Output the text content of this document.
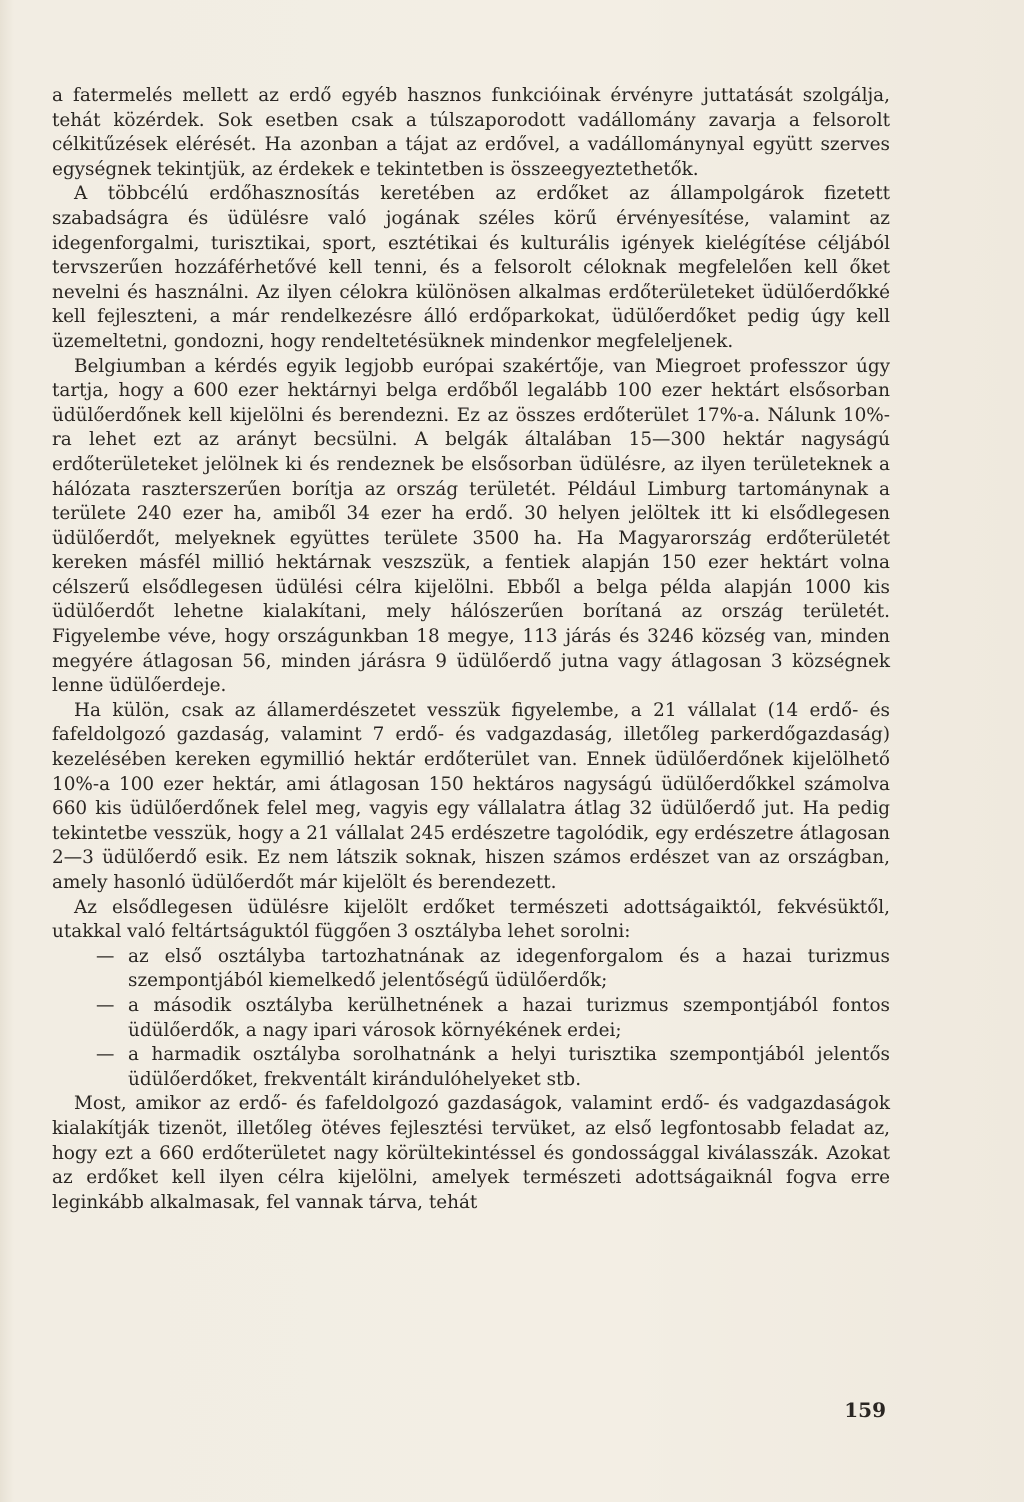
a fatermelés mellett az erdő egyéb hasznos funkcióinak érvényre juttatását szolgálja, tehát közérdek. Sok esetben csak a túlszaporodott vadállomány zavarja a felsorolt célkitűzések elérését. Ha azonban a tájat az erdővel, a vadállománynyal együtt szerves egységnek tekintjük, az érdekek e tekintetben is összeegyeztethetők.

A többcélú erdőhasznosítás keretében az erdőket az állampolgárok fizetett szabadságra és üdülésre való jogának széles körű érvényesítése, valamint az idegenforgalmi, turisztikai, sport, esztétikai és kulturális igények kielégítése céljából tervszerűen hozzáférhetővé kell tenni, és a felsorolt céloknak megfelelően kell őket nevelni és használni. Az ilyen célokra különösen alkalmas erdőterületeket üdülőerdőkké kell fejleszteni, a már rendelkezésre álló erdőparkokat, üdülőerdőket pedig úgy kell üzemeltetni, gondozni, hogy rendeltetésüknek mindenkor megfeleljenek.

Belgiumban a kérdés egyik legjobb európai szakértője, van Miegroet professzor úgy tartja, hogy a 600 ezer hektárnyi belga erdőből legalább 100 ezer hektárt elsősorban üdülőerdőnek kell kijelölni és berendezni. Ez az összes erdőterület 17%-a. Nálunk 10%-ra lehet ezt az arányt becsülni. A belgák általában 15—300 hektár nagyságú erdőterületeket jelölnek ki és rendeznek be elsősorban üdülésre, az ilyen területeknek a hálózata raszterszerűen borítja az ország területét. Például Limburg tartománynak a területe 240 ezer ha, amiből 34 ezer ha erdő. 30 helyen jelöltek itt ki elsődlegesen üdülőerdőt, melyeknek együttes területe 3500 ha. Ha Magyarország erdőterületét kereken másfél millió hektárnak veszszük, a fentiek alapján 150 ezer hektárt volna célszerű elsődlegesen üdülési célra kijelölni. Ebből a belga példa alapján 1000 kis üdülőerdőt lehetne kialakítani, mely hálószerűen borítaná az ország területét. Figyelembe véve, hogy országunkban 18 megye, 113 járás és 3246 község van, minden megyére átlagosan 56, minden járásra 9 üdülőerdő jutna vagy átlagosan 3 községnek lenne üdülőerdeje.

Ha külön, csak az államerdészetet vesszük figyelembe, a 21 vállalat (14 erdő- és fafeldolgozó gazdaság, valamint 7 erdő- és vadgazdaság, illetőleg parkerdőgazdaság) kezelésében kereken egymillió hektár erdőterület van. Ennek üdülőerdőnek kijelölhető 10%-a 100 ezer hektár, ami átlagosan 150 hektáros nagyságú üdülőerdőkkel számolva 660 kis üdülőerdőnek felel meg, vagyis egy vállalatra átlag 32 üdülőerdő jut. Ha pedig tekintetbe vesszük, hogy a 21 vállalat 245 erdészetre tagolódik, egy erdészetre átlagosan 2—3 üdülőerdő esik. Ez nem látszik soknak, hiszen számos erdészet van az országban, amely hasonló üdülőerdőt már kijelölt és berendezett.

Az elsődlegesen üdülésre kijelölt erdőket természeti adottságaiktól, fekvésüktől, utakkal való feltártságuktól függően 3 osztályba lehet sorolni:

— az első osztályba tartozhatnának az idegenforgalom és a hazai turizmus szempontjából kiemelkedő jelentőségű üdülőerdők;
— a második osztályba kerülhetnének a hazai turizmus szempontjából fontos üdülőerdők, a nagy ipari városok környékének erdei;
— a harmadik osztályba sorolhatnánk a helyi turisztika szempontjából jelentős üdülőerdőket, frekventált kirándulóhelyeket stb.

Most, amikor az erdő- és fafeldolgozó gazdaságok, valamint erdő- és vadgazdaságok kialakítják tizenöt, illetőleg ötéves fejlesztési tervüket, az első legfontosabb feladat az, hogy ezt a 660 erdőterületet nagy körültekintéssel és gondossággal kiválasszák. Azokat az erdőket kell ilyen célra kijelölni, amelyek természeti adottságaiknál fogva erre leginkább alkalmasak, fel vannak tárva, tehát

159
